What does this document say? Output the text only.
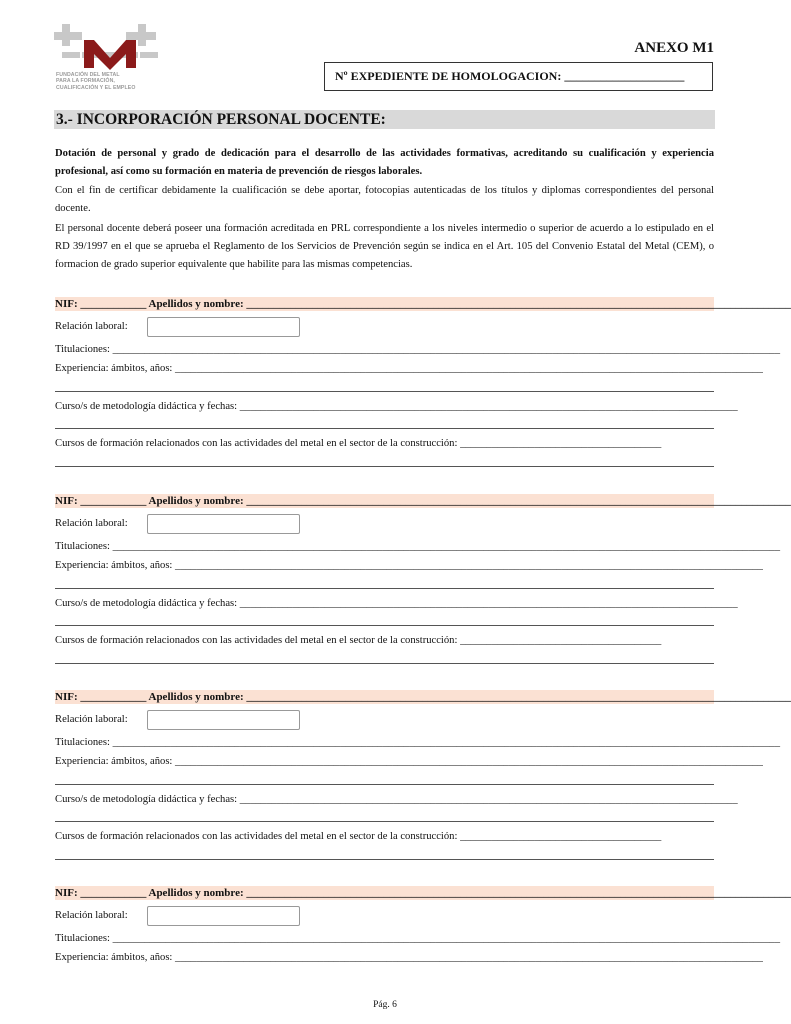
FUNDACIÓN DEL METAL
PARA LA FORMACIÓN,
CUALIFICACIÓN Y EL EMPLEO
ANEXO M1
Nº EXPEDIENTE DE HOMOLOGACION: ____________________
3.- INCORPORACIÓN PERSONAL DOCENTE:
Dotación de personal y grado de dedicación para el desarrollo de las actividades formativas, acreditando su cualificación y experiencia profesional, así como su formación en materia de prevención de riesgos laborales.
Con el fin de certificar debidamente la cualificación se debe aportar, fotocopias autenticadas de los títulos y diplomas correspondientes del personal docente.
El personal docente deberá poseer una formación acreditada en PRL correspondiente a los niveles intermedio o superior de acuerdo a lo estipulado en el RD 39/1997 en el que se aprueba el Reglamento de los Servicios de Prevención según se indica en el Art. 105 del Convenio Estatal del Metal (CEM), o formacion de grado superior equivalente que habilite para las mismas competencias.
NIF: ____________ Apellidos y nombre: ___________________________________________________________________________________________________
Relación laboral:
Titulaciones: ______________________________________________________________________________________________________________________________
Experiencia: ámbitos, años: _______________________________________________________________________________________________________________
Curso/s de metodología didáctica y fechas: ______________________________________________________________________________________________
Cursos de formación relacionados con las actividades del metal en el sector de la construcción: ______________________________________
NIF: ____________ Apellidos y nombre: ___________________________________________________________________________________________________
Relación laboral:
Titulaciones: ______________________________________________________________________________________________________________________________
Experiencia: ámbitos, años: _______________________________________________________________________________________________________________
Curso/s de metodología didáctica y fechas: ______________________________________________________________________________________________
Cursos de formación relacionados con las actividades del metal en el sector de la construcción: ______________________________________
NIF: ____________ Apellidos y nombre: ___________________________________________________________________________________________________
Relación laboral:
Titulaciones: ______________________________________________________________________________________________________________________________
Experiencia: ámbitos, años: _______________________________________________________________________________________________________________
Curso/s de metodología didáctica y fechas: ______________________________________________________________________________________________
Cursos de formación relacionados con las actividades del metal en el sector de la construcción: ______________________________________
NIF: ____________ Apellidos y nombre: ___________________________________________________________________________________________________
Relación laboral:
Titulaciones: ______________________________________________________________________________________________________________________________
Experiencia: ámbitos, años: _______________________________________________________________________________________________________________
Pág. 6
